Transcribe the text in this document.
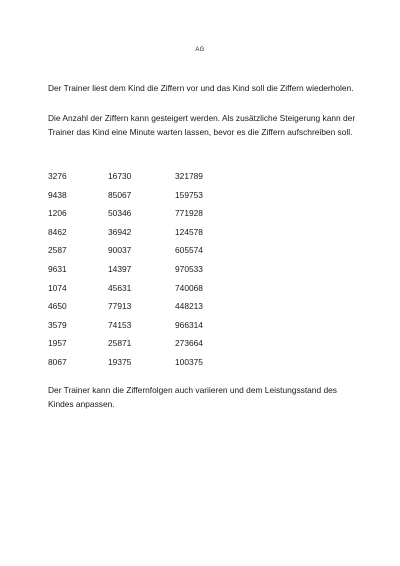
AG

Der Trainer liest dem Kind die Ziffern vor und das Kind soll die Ziffern wiederholen.

Die Anzahl der Ziffern kann gesteigert werden. Als zusätzliche Steigerung kann der Trainer das Kind eine Minute warten lassen, bevor es die Ziffern aufschreiben soll.

3276	16730	321789
9438	85067	159753
1206	50346	771928
8462	36942	124578
2587	90037	605574
9631	14397	970533
1074	45631	740068
4650	77913	448213
3579	74153	966314
1957	25871	273664
8067	19375	100375

Der Trainer kann die Ziffernfolgen auch variieren und dem Leistungsstand des Kindes anpassen.
